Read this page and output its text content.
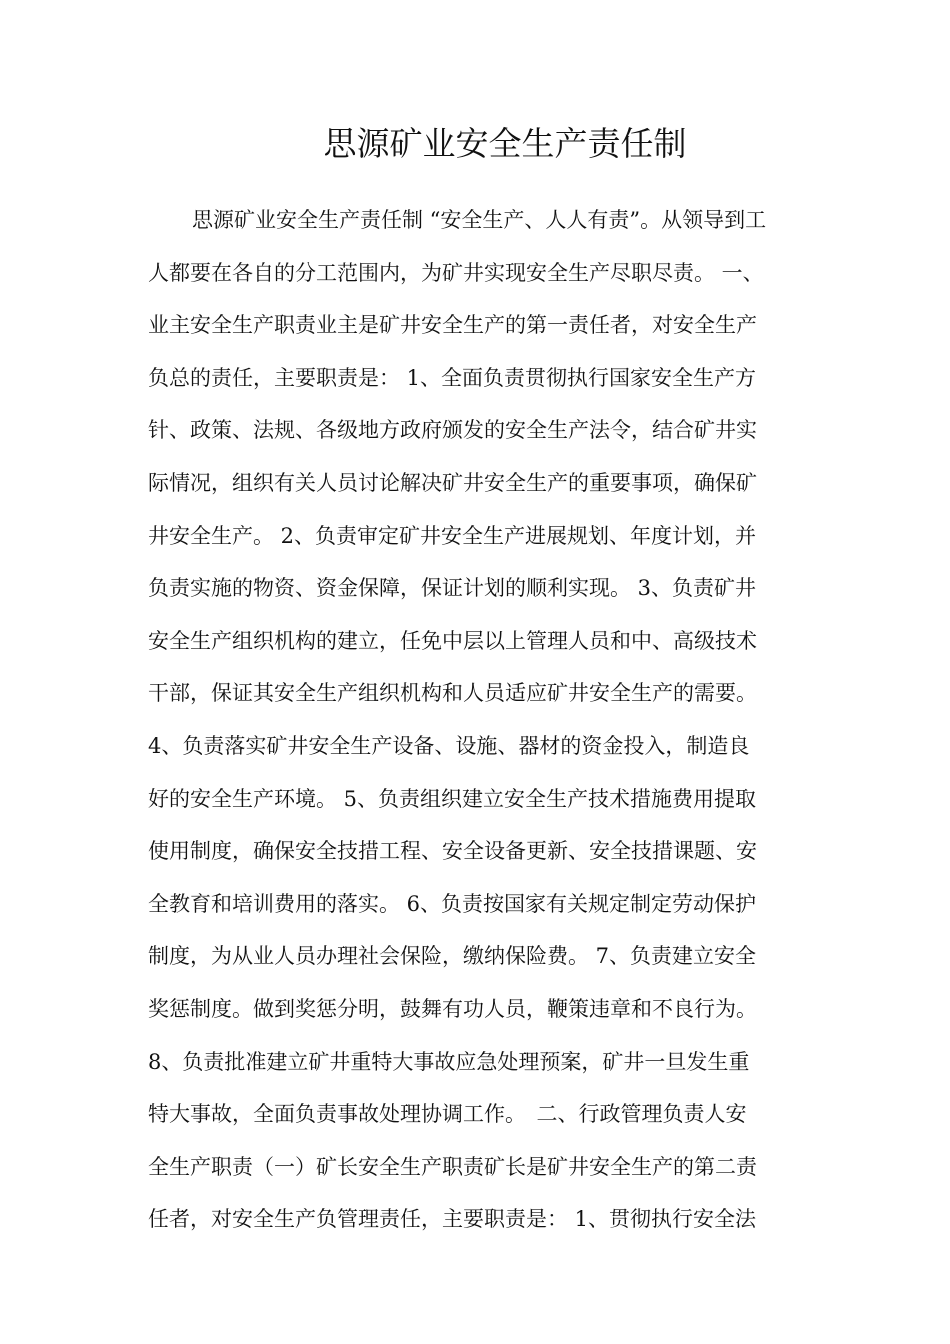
思源矿业安全生产责任制
思源矿业安全生产责任制 “安全生产、人人有责”。从领导到工
人都要在各自的分工范围内，为矿井实现安全生产尽职尽责。 一、
业主安全生产职责业主是矿井安全生产的第一责任者，对安全生产
负总的责任，主要职责是： 1、全面负责贯彻执行国家安全生产方
针、政策、法规、各级地方政府颁发的安全生产法令，结合矿井实
际情况，组织有关人员讨论解决矿井安全生产的重要事项，确保矿
井安全生产。 2、负责审定矿井安全生产进展规划、年度计划，并
负责实施的物资、资金保障，保证计划的顺利实现。 3、负责矿井
安全生产组织机构的建立，任免中层以上管理人员和中、高级技术
干部，保证其安全生产组织机构和人员适应矿井安全生产的需要。
4、负责落实矿井安全生产设备、设施、器材的资金投入，制造良
好的安全生产环境。 5、负责组织建立安全生产技术措施费用提取
使用制度，确保安全技措工程、安全设备更新、安全技措课题、安
全教育和培训费用的落实。 6、负责按国家有关规定制定劳动保护
制度，为从业人员办理社会保险，缴纳保险费。 7、负责建立安全
奖惩制度。做到奖惩分明，鼓舞有功人员，鞭策违章和不良行为。
8、负责批准建立矿井重特大事故应急处理预案，矿井一旦发生重
特大事故，全面负责事故处理协调工作。　二、行政管理负责人安
全生产职责（一）矿长安全生产职责矿长是矿井安全生产的第二责
任者，对安全生产负管理责任，主要职责是： 1、贯彻执行安全法
